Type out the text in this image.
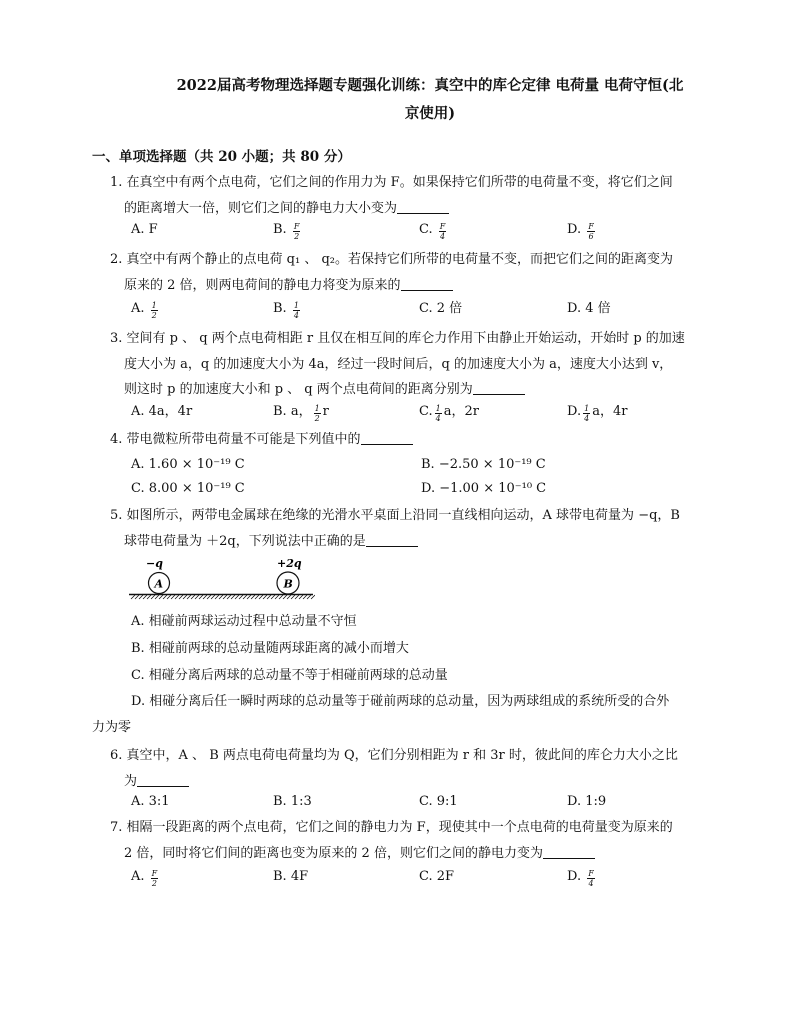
2022届高考物理选择题专题强化训练：真空中的库仑定律 电荷量 电荷守恒(北
京使用)
一、单项选择题（共 20 小题；共 80 分）
1. 在真空中有两个点电荷，它们之间的作用力为 F。如果保持它们所带的电荷量不变，将它们之间
的距离增大一倍，则它们之间的静电力大小变为
A. F	B. $\frac{F}{2}$	C. $\frac{F}{4}$	D. $\frac{F}{6}$
2. 真空中有两个静止的点电荷 q₁ 、 q₂。若保持它们所带的电荷量不变，而把它们之间的距离变为
原来的 2 倍，则两电荷间的静电力将变为原来的
A. $\frac{1}{2}$	B. $\frac{1}{4}$	C. 2 倍	D. 4 倍
3. 空间有 p 、 q 两个点电荷相距 r 且仅在相互间的库仑力作用下由静止开始运动，开始时 p 的加速
度大小为 a，q 的加速度大小为 4a，经过一段时间后，q 的加速度大小为 a，速度大小达到 v，
则这时 p 的加速度大小和 p 、 q 两个点电荷间的距离分别为
A. 4a，4r	B. a， $\frac{1}{2}$ r	C. $\frac{1}{4}$ a，2r	D. $\frac{1}{4}$ a，4r
4. 带电微粒所带电荷量不可能是下列值中的
A. 1.60 × 10⁻¹⁹ C	B. −2.50 × 10⁻¹⁹ C
C. 8.00 × 10⁻¹⁹ C	D. −1.00 × 10⁻¹⁰ C
5. 如图所示，两带电金属球在绝缘的光滑水平桌面上沿同一直线相向运动，A 球带电荷量为 −q，B
球带电荷量为 ＋2q，下列说法中正确的是
−q
A
+2q
B
A. 相碰前两球运动过程中总动量不守恒
B. 相碰前两球的总动量随两球距离的减小而增大
C. 相碰分离后两球的总动量不等于相碰前两球的总动量
D. 相碰分离后任一瞬时两球的总动量等于碰前两球的总动量，因为两球组成的系统所受的合外
力为零
6. 真空中，A 、 B 两点电荷电荷量均为 Q，它们分别相距为 r 和 3r 时，彼此间的库仑力大小之比
为
A. 3:1	B. 1:3	C. 9:1	D. 1:9
7. 相隔一段距离的两个点电荷，它们之间的静电力为 F，现使其中一个点电荷的电荷量变为原来的
2 倍，同时将它们间的距离也变为原来的 2 倍，则它们之间的静电力变为
A. $\frac{F}{2}$	B. 4F	C. 2F	D. $\frac{F}{4}$
